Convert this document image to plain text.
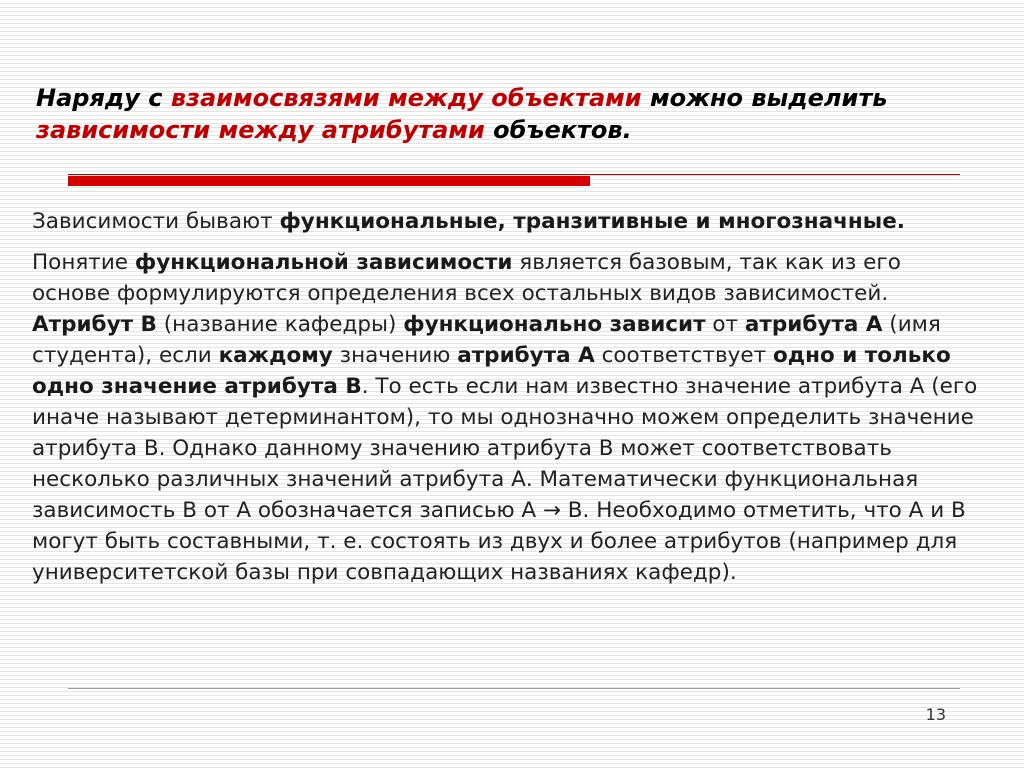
Наряду с взаимосвязями между объектами можно выделить зависимости между атрибутами объектов.

Зависимости бывают функциональные, транзитивные и многозначные.

Понятие функциональной зависимости является базовым, так как из его основе формулируются определения всех остальных видов зависимостей. Атрибут В (название кафедры) функционально зависит от атрибута А (имя студента), если каждому значению атрибута А соответствует одно и только одно значение атрибута В. То есть если нам известно значение атрибута А (его иначе называют детерминантом), то мы однозначно можем определить значение атрибута В. Однако данному значению атрибута В может соответствовать несколько различных значений атрибута А. Математически функциональная зависимость В от А обозначается записью А → В. Необходимо отметить, что А и В могут быть составными, т. е. состоять из двух и более атрибутов (например для университетской базы при совпадающих названиях кафедр).

13
